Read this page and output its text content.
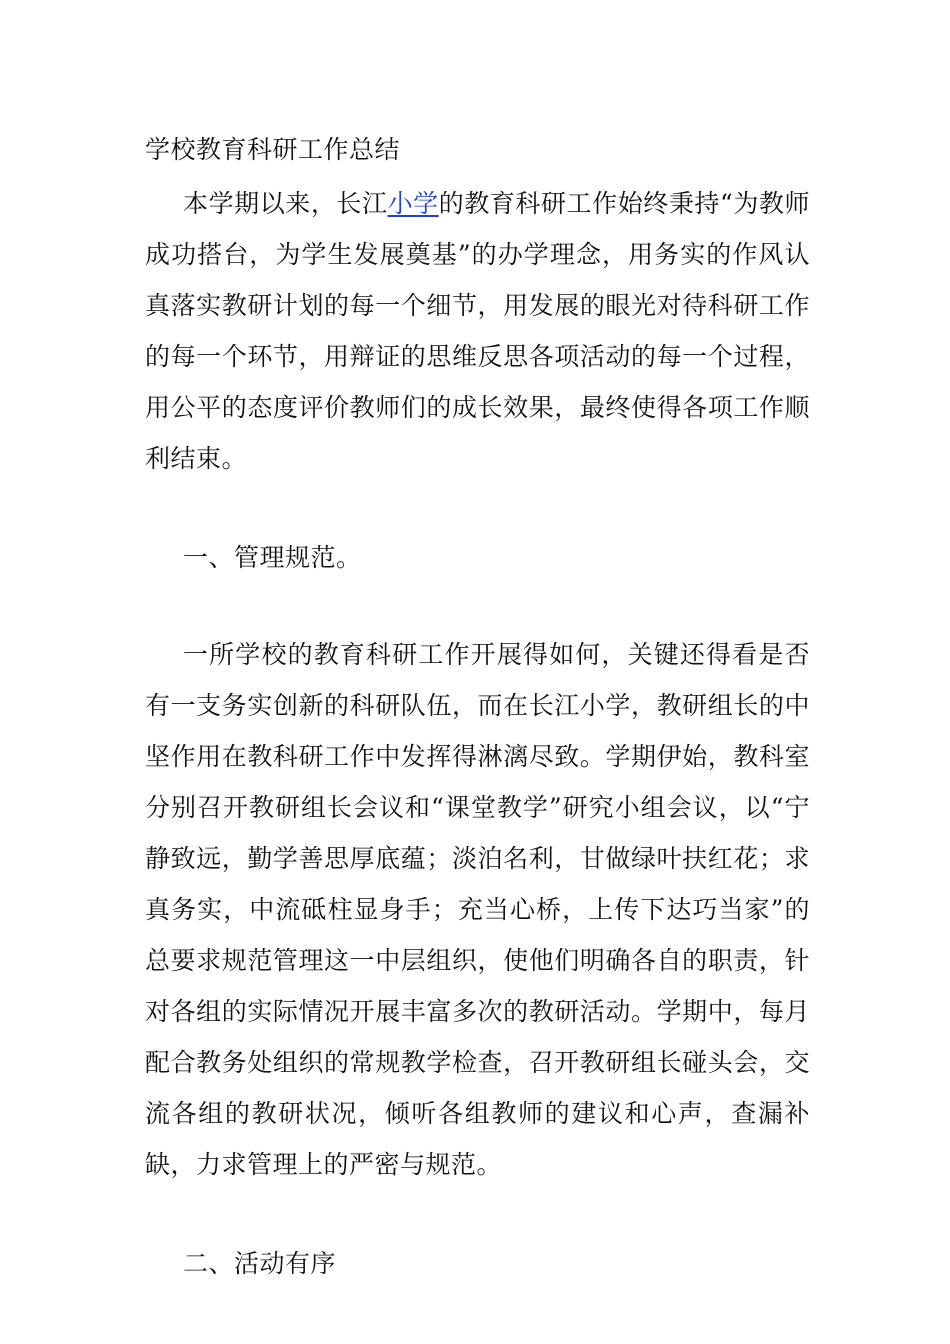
学校教育科研工作总结

本学期以来，长江小学的教育科研工作始终秉持“为教师成功搭台，为学生发展奠基”的办学理念，用务实的作风认真落实教研计划的每一个细节，用发展的眼光对待科研工作的每一个环节，用辩证的思维反思各项活动的每一个过程，用公平的态度评价教师们的成长效果，最终使得各项工作顺利结束。

一、管理规范。

一所学校的教育科研工作开展得如何，关键还得看是否有一支务实创新的科研队伍，而在长江小学，教研组长的中坚作用在教科研工作中发挥得淋漓尽致。学期伊始，教科室分别召开教研组长会议和“课堂教学”研究小组会议，以“宁静致远，勤学善思厚底蕴；淡泊名利，甘做绿叶扶红花；求真务实，中流砥柱显身手；充当心桥，上传下达巧当家”的总要求规范管理这一中层组织，使他们明确各自的职责，针对各组的实际情况开展丰富多次的教研活动。学期中，每月配合教务处组织的常规教学检查，召开教研组长碰头会，交流各组的教研状况，倾听各组教师的建议和心声，查漏补缺，力求管理上的严密与规范。

二、活动有序
